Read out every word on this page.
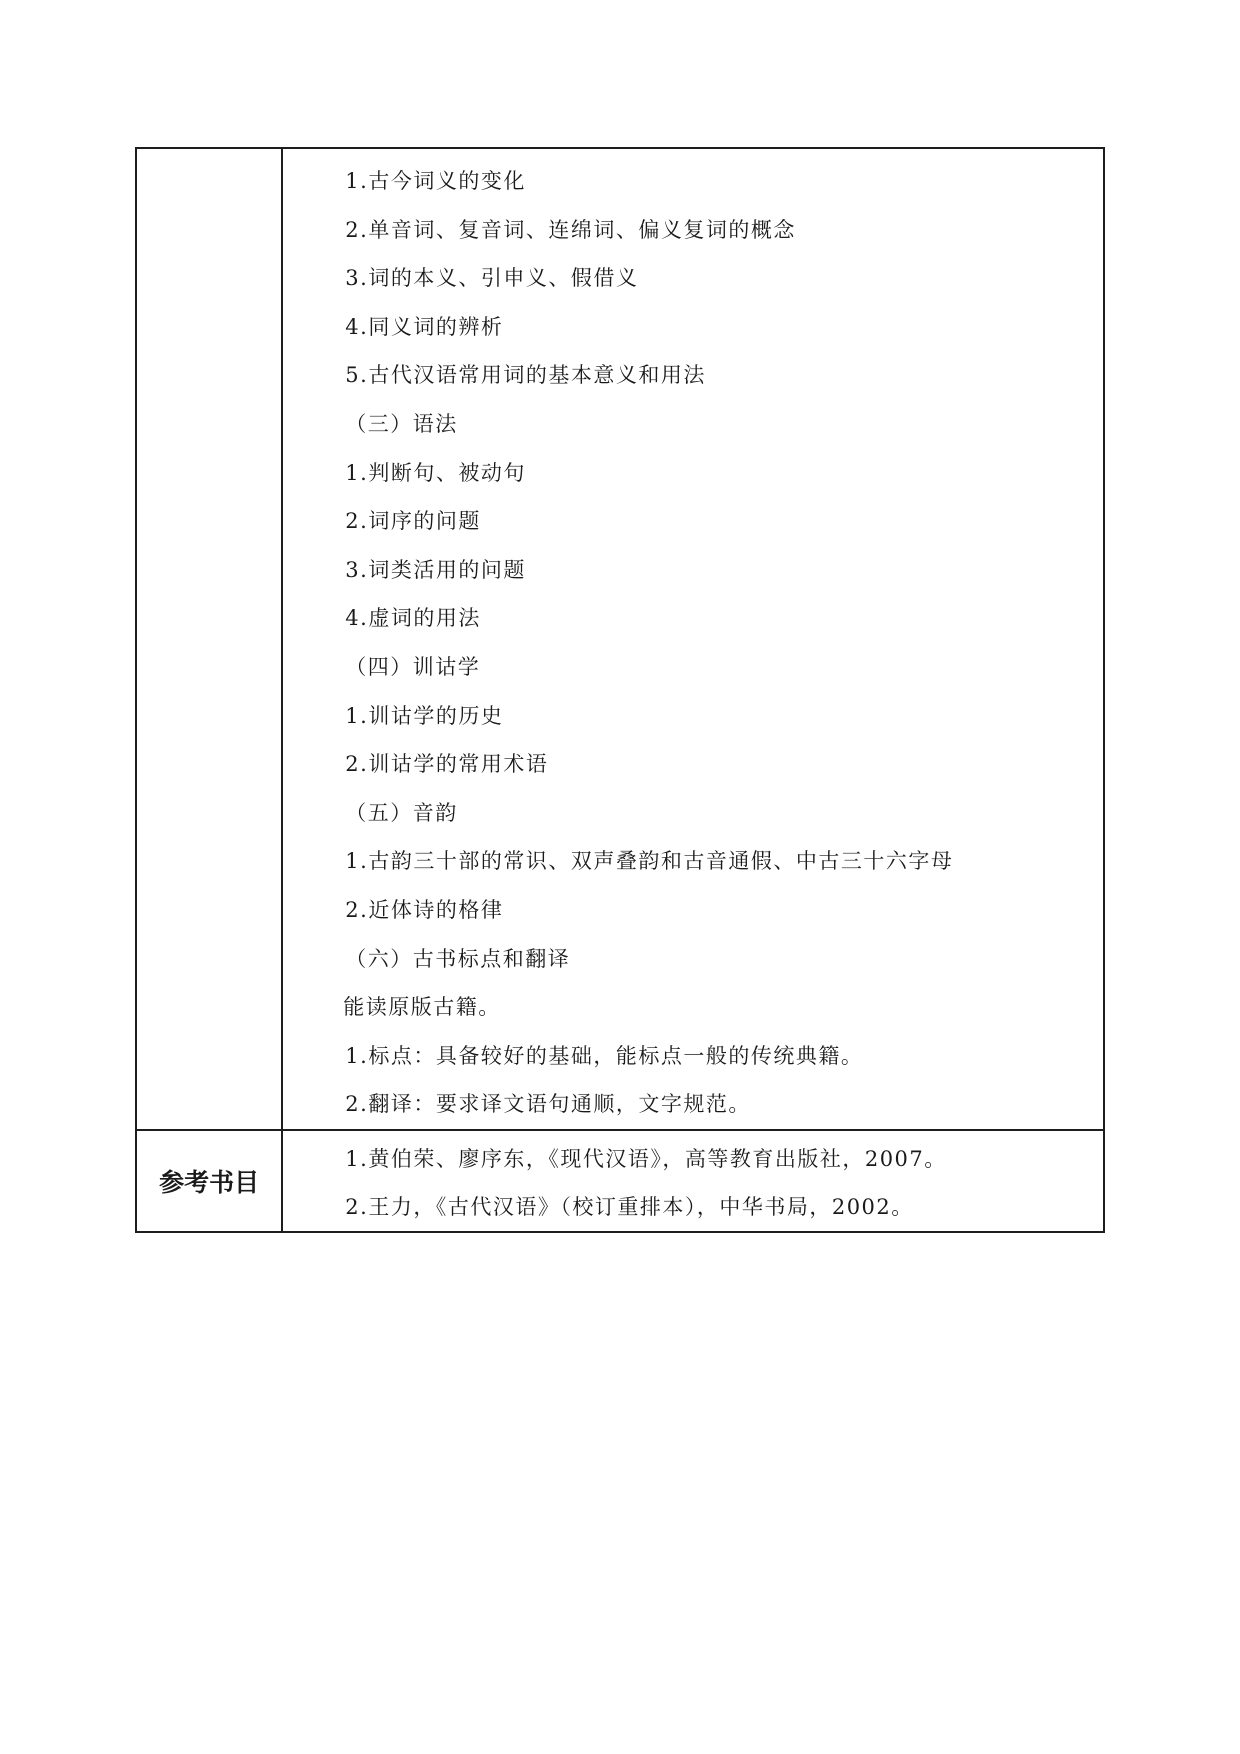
1.古今词义的变化
2.单音词、复音词、连绵词、偏义复词的概念
3.词的本义、引申义、假借义
4.同义词的辨析
5.古代汉语常用词的基本意义和用法
（三）语法
1.判断句、被动句
2.词序的问题
3.词类活用的问题
4.虚词的用法
（四）训诂学
1.训诂学的历史
2.训诂学的常用术语
（五）音韵
1.古韵三十部的常识、双声叠韵和古音通假、中古三十六字母
2.近体诗的格律
（六）古书标点和翻译
能读原版古籍。
1.标点：具备较好的基础，能标点一般的传统典籍。
2.翻译：要求译文语句通顺，文字规范。

参考书目	1.黄伯荣、廖序东，《现代汉语》，高等教育出版社，2007。
2.王力，《古代汉语》（校订重排本），中华书局，2002。
